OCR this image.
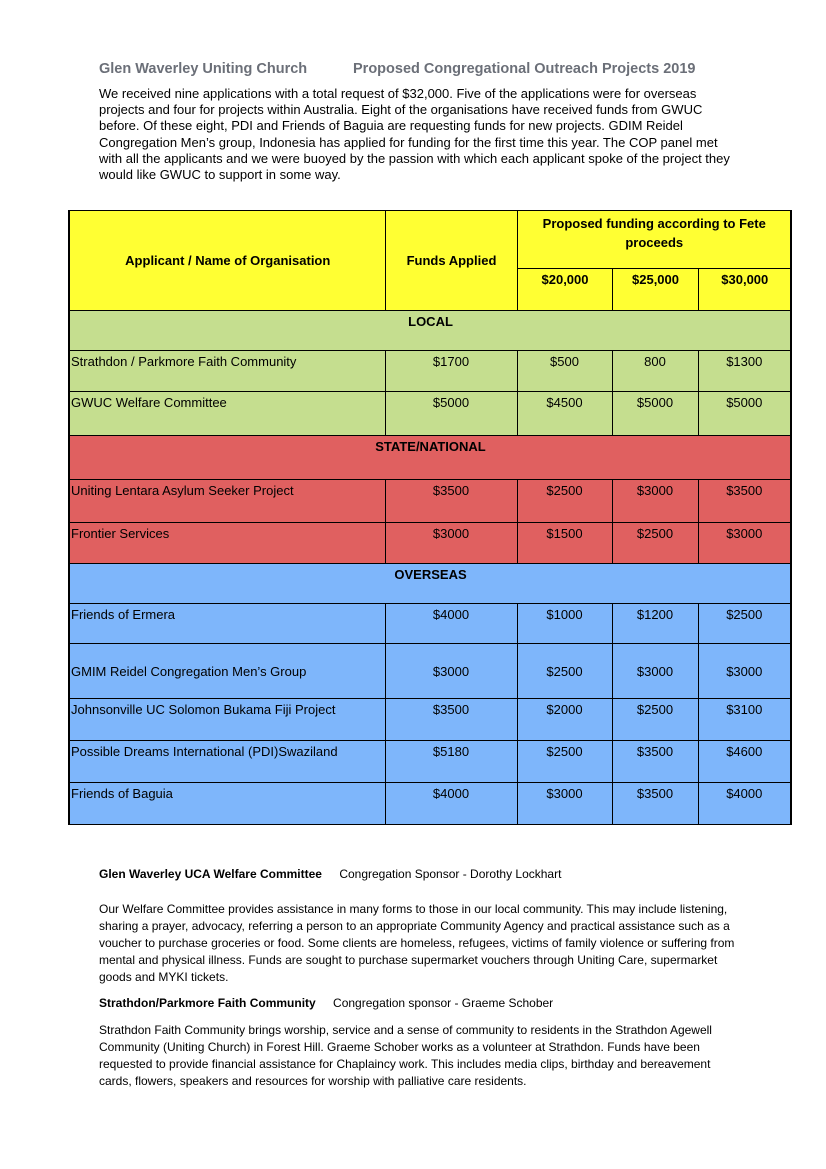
Glen Waverley Uniting Church	Proposed Congregational Outreach Projects 2019
We received nine applications with a total request of $32,000. Five of the applications were for overseas projects and four for projects within Australia. Eight of the organisations have received funds from GWUC before. Of these eight, PDI and Friends of Baguia are requesting funds for new projects. GDIM Reidel Congregation Men’s group, Indonesia has applied for funding for the first time this year. The COP panel met with all the applicants and we were buoyed by the passion with which each applicant spoke of the project they would like GWUC to support in some way.
Applicant / Name of Organisation	Funds Applied	Proposed funding according to Fete proceeds		
		$20,000	$25,000	$30,000
LOCAL				
Strathdon / Parkmore Faith Community	$1700	$500	800	$1300
GWUC Welfare Committee	$5000	$4500	$5000	$5000
STATE/NATIONAL				
Uniting Lentara Asylum Seeker Project	$3500	$2500	$3000	$3500
Frontier Services	$3000	$1500	$2500	$3000
OVERSEAS				
Friends of Ermera	$4000	$1000	$1200	$2500
GMIM Reidel Congregation Men’s Group	$3000	$2500	$3000	$3000
Johnsonville UC Solomon Bukama Fiji Project	$3500	$2000	$2500	$3100
Possible Dreams International (PDI)Swaziland	$5180	$2500	$3500	$4600
Friends of Baguia	$4000	$3000	$3500	$4000
Glen Waverley UCA Welfare Committee Congregation Sponsor - Dorothy Lockhart
Our Welfare Committee provides assistance in many forms to those in our local community. This may include listening, sharing a prayer, advocacy, referring a person to an appropriate Community Agency and practical assistance such as a voucher to purchase groceries or food. Some clients are homeless, refugees, victims of family violence or suffering from mental and physical illness. Funds are sought to purchase supermarket vouchers through Uniting Care, supermarket goods and MYKI tickets.
Strathdon/Parkmore Faith Community Congregation sponsor - Graeme Schober
Strathdon Faith Community brings worship, service and a sense of community to residents in the Strathdon Agewell Community (Uniting Church) in Forest Hill. Graeme Schober works as a volunteer at Strathdon. Funds have been requested to provide financial assistance for Chaplaincy work. This includes media clips, birthday and bereavement cards, flowers, speakers and resources for worship with palliative care residents.
